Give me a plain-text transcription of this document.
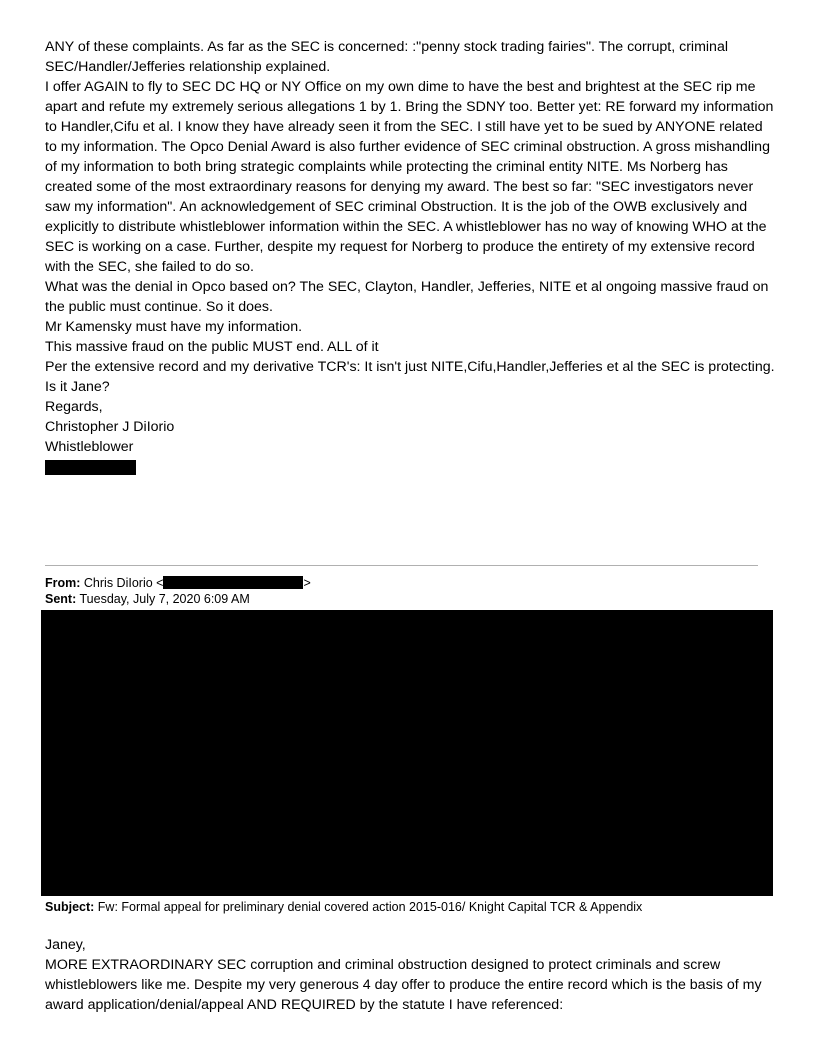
ANY of these complaints. As far as the SEC is concerned: :"penny stock trading fairies". The corrupt, criminal SEC/Handler/Jefferies relationship explained.

I offer AGAIN to fly to SEC DC HQ or NY Office on my own dime to have the best and brightest at the SEC rip me apart and refute my extremely serious allegations 1 by 1. Bring the SDNY too. Better yet: RE forward my information to Handler,Cifu et al. I know they have already seen it from the SEC. I still have yet to be sued by ANYONE related to my information. The Opco Denial Award is also further evidence of SEC criminal obstruction. A gross mishandling of my information to both bring strategic complaints while protecting the criminal entity NITE. Ms Norberg has created some of the most extraordinary reasons for denying my award. The best so far: "SEC investigators never saw my information". An acknowledgement of SEC criminal Obstruction. It is the job of the OWB exclusively and explicitly to distribute whistleblower information within the SEC. A whistleblower has no way of knowing WHO at the SEC is working on a case. Further, despite my request for Norberg to produce the entirety of my extensive record with the SEC, she failed to do so.

What was the denial in Opco based on? The SEC, Clayton, Handler, Jefferies, NITE et al ongoing massive fraud on the public must continue. So it does.

Mr Kamensky must have my information.

This massive fraud on the public MUST end. ALL of it

Per the extensive record and my derivative TCR's: It isn't just NITE,Cifu,Handler,Jefferies et al the SEC is protecting. Is it Jane?

Regards,

Christopher J DiIorio

Whistleblower

From: Chris DiIorio <	>
Sent: Tuesday, July 7, 2020 6:09 AM
Subject: Fw: Formal appeal for preliminary denial covered action 2015-016/ Knight Capital TCR & Appendix

Janey,

MORE EXTRAORDINARY SEC corruption and criminal obstruction designed to protect criminals and screw whistleblowers like me. Despite my very generous 4 day offer to produce the entire record which is the basis of my award application/denial/appeal AND REQUIRED by the statute I have referenced:
